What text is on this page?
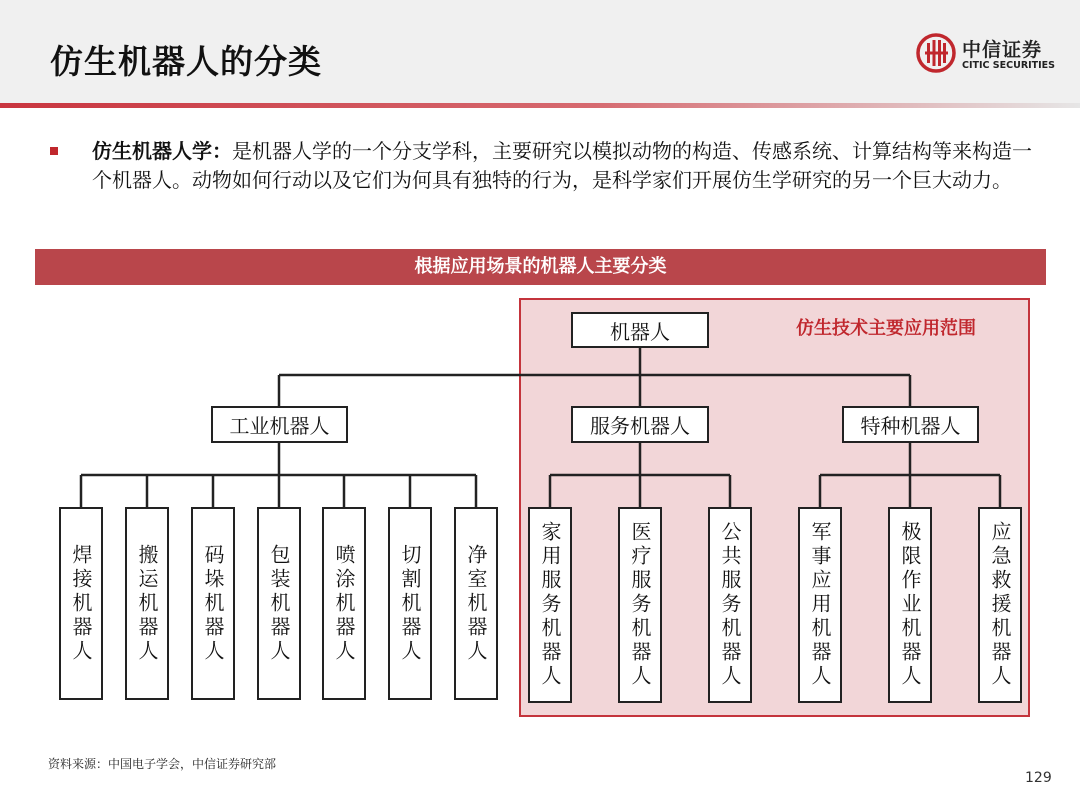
仿生机器人的分类	中信证券
CITIC SECURITIES
仿生机器人学：是机器人学的一个分支学科，主要研究以模拟动物的构造、传感系统、计算结构等来构造一个机器人。动物如何行动以及它们为何具有独特的行为，是科学家们开展仿生学研究的另一个巨大动力。
根据应用场景的机器人主要分类
仿生技术主要应用范围
机器人
工业机器人	服务机器人	特种机器人
焊接机器人	搬运机器人	码垛机器人	包装机器人	喷涂机器人	切割机器人	净室机器人	家用服务机器人	医疗服务机器人	公共服务机器人	军事应用机器人	极限作业机器人	应急救援机器人
资料来源：中国电子学会，中信证券研究部
129
